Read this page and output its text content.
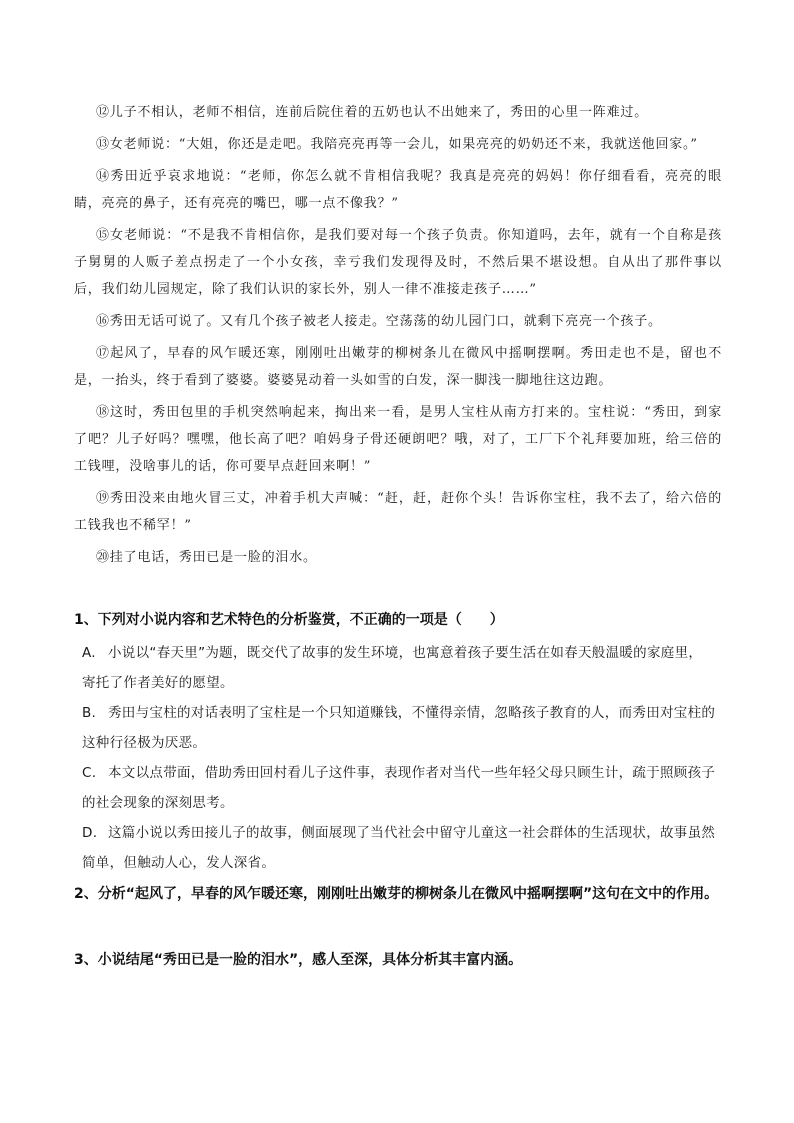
⑫儿子不相认，老师不相信，连前后院住着的五奶也认不出她来了，秀田的心里一阵难过。

⑬女老师说：“大姐，你还是走吧。我陪亮亮再等一会儿，如果亮亮的奶奶还不来，我就送他回家。”

⑭秀田近乎哀求地说：“老师，你怎么就不肯相信我呢？我真是亮亮的妈妈！你仔细看看，亮亮的眼睛，亮亮的鼻子，还有亮亮的嘴巴，哪一点不像我？”

⑮女老师说：“不是我不肯相信你，是我们要对每一个孩子负责。你知道吗，去年，就有一个自称是孩子舅舅的人贩子差点拐走了一个小女孩，幸亏我们发现得及时，不然后果不堪设想。自从出了那件事以后，我们幼儿园规定，除了我们认识的家长外，别人一律不准接走孩子……”

⑯秀田无话可说了。又有几个孩子被老人接走。空荡荡的幼儿园门口，就剩下亮亮一个孩子。

⑰起风了，早春的风乍暖还寒，刚刚吐出嫩芽的柳树条儿在微风中摇啊摆啊。秀田走也不是，留也不是，一抬头，终于看到了婆婆。婆婆晃动着一头如雪的白发，深一脚浅一脚地往这边跑。

⑱这时，秀田包里的手机突然响起来，掏出来一看，是男人宝柱从南方打来的。宝柱说：“秀田，到家了吧？儿子好吗？嘿嘿，他长高了吧？咱妈身子骨还硬朗吧？哦，对了，工厂下个礼拜要加班，给三倍的工钱哩，没啥事儿的话，你可要早点赶回来啊！”

⑲秀田没来由地火冒三丈，冲着手机大声喊：“赶，赶，赶你个头！告诉你宝柱，我不去了，给六倍的工钱我也不稀罕！”

⑳挂了电话，秀田已是一脸的泪水。

1、下列对小说内容和艺术特色的分析鉴赏，不正确的一项是（　　）

A. 小说以“春天里”为题，既交代了故事的发生环境，也寓意着孩子要生活在如春天般温暖的家庭里，

寄托了作者美好的愿望。

B. 秀田与宝柱的对话表明了宝柱是一个只知道赚钱，不懂得亲情，忽略孩子教育的人，而秀田对宝柱的

这种行径极为厌恶。

C. 本文以点带面，借助秀田回村看儿子这件事，表现作者对当代一些年轻父母只顾生计，疏于照顾孩子

的社会现象的深刻思考。

D. 这篇小说以秀田接儿子的故事，侧面展现了当代社会中留守儿童这一社会群体的生活现状，故事虽然

简单，但触动人心，发人深省。

2、分析“起风了，早春的风乍暖还寒，刚刚吐出嫩芽的柳树条儿在微风中摇啊摆啊”这句在文中的作用。

3、小说结尾“秀田已是一脸的泪水”，感人至深，具体分析其丰富内涵。
